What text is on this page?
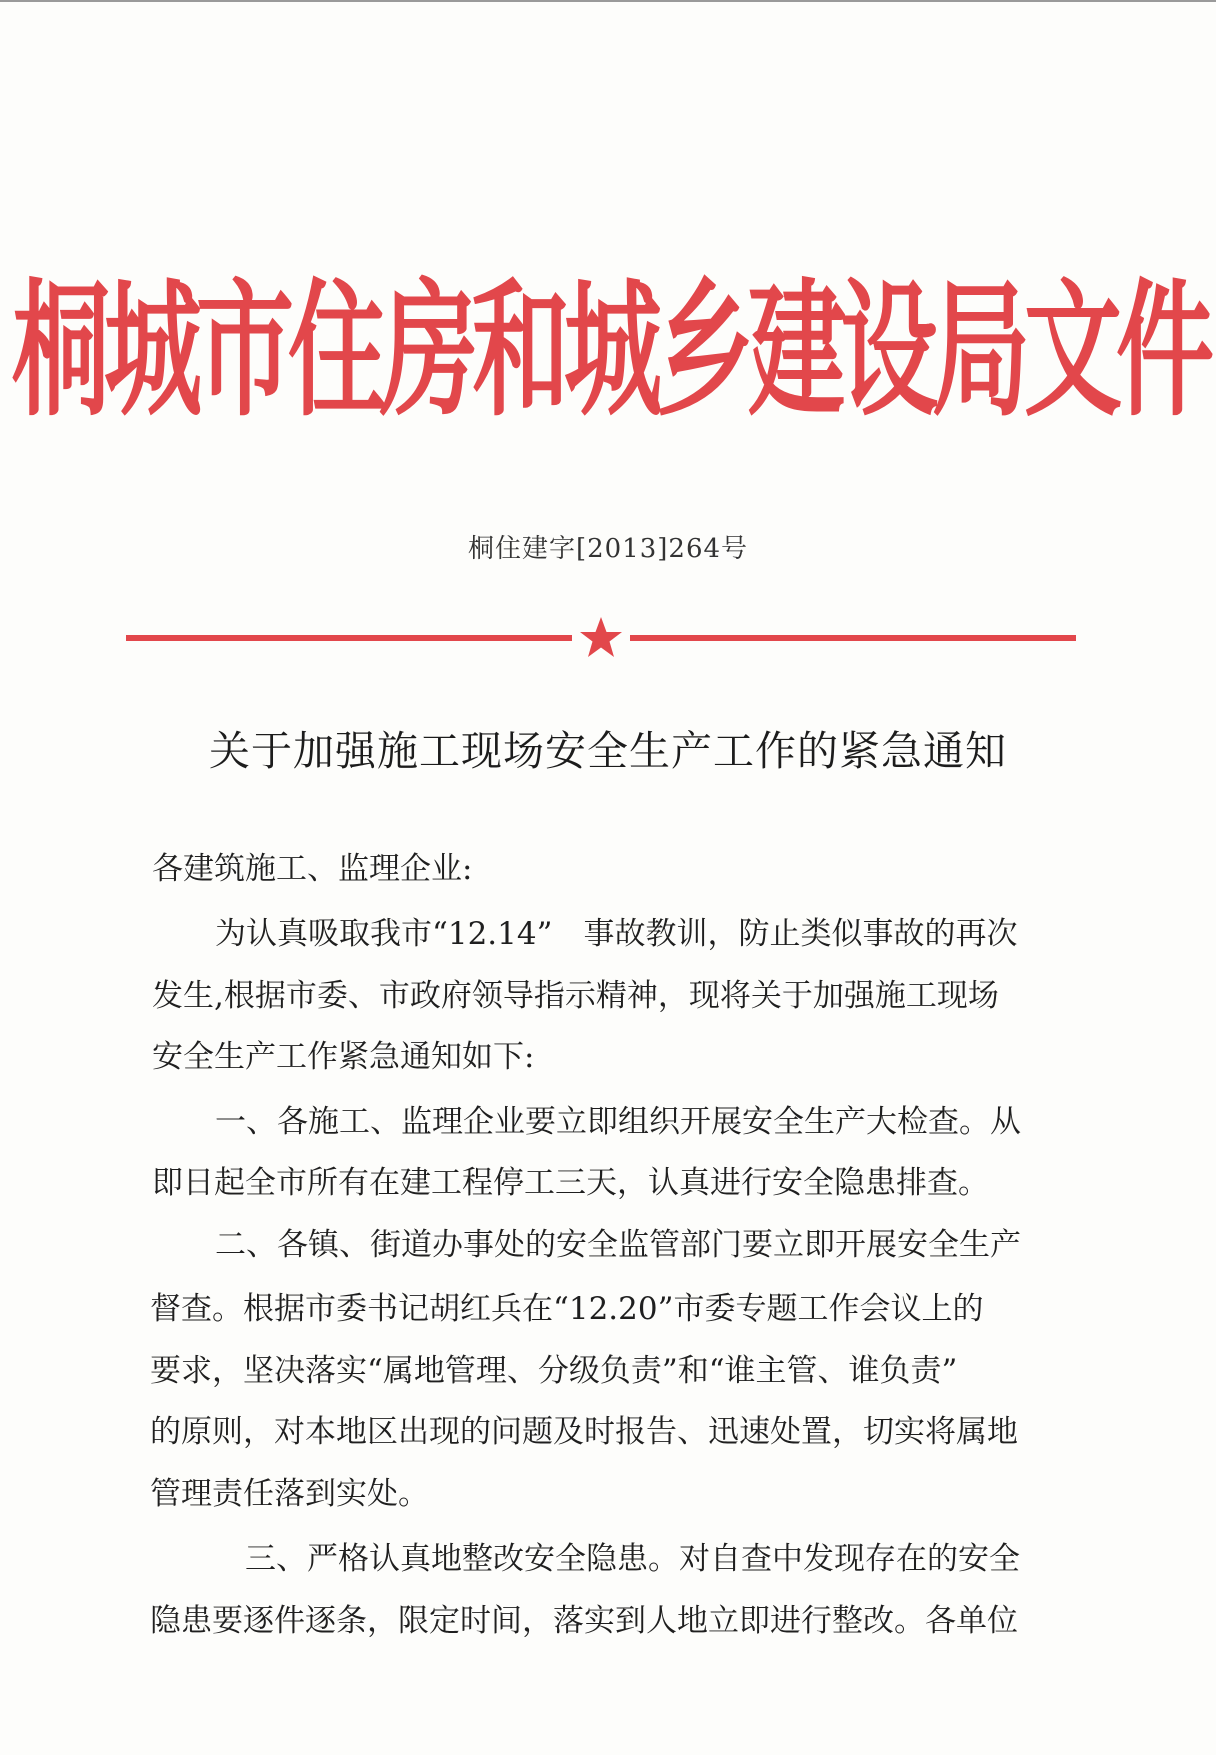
桐城市住房和城乡建设局文件
桐住建字[2013]264号
关于加强施工现场安全生产工作的紧急通知
各建筑施工、监理企业:
为认真吸取我市“12.14”　事故教训，防止类似事故的再次
发生,根据市委、市政府领导指示精神，现将关于加强施工现场
安全生产工作紧急通知如下:
一、各施工、监理企业要立即组织开展安全生产大检查。从
即日起全市所有在建工程停工三天，认真进行安全隐患排查。
二、各镇、街道办事处的安全监管部门要立即开展安全生产
督查。根据市委书记胡红兵在“12.20”市委专题工作会议上的
要求，坚决落实“属地管理、分级负责”和“谁主管、谁负责”
的原则，对本地区出现的问题及时报告、迅速处置，切实将属地
管理责任落到实处。
三、严格认真地整改安全隐患。对自查中发现存在的安全
隐患要逐件逐条，限定时间，落实到人地立即进行整改。各单位
